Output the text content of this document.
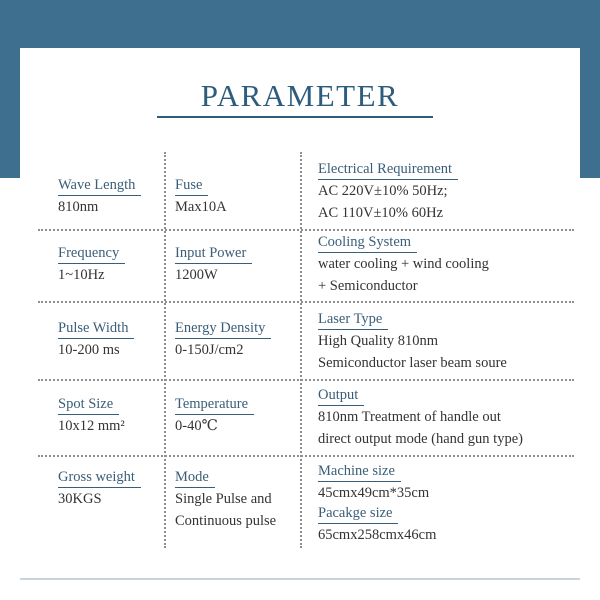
PARAMETER
Wave Length
810nm
Fuse
Max10A
Electrical Requirement
AC 220V±10% 50Hz;
AC 110V±10% 60Hz
Frequency
1~10Hz
Input Power
1200W
Cooling System
water cooling + wind cooling
+ Semiconductor
Pulse Width
10-200 ms
Energy Density
0-150J/cm2
Laser Type
High Quality 810nm
Semiconductor laser beam soure
Spot Size
10x12 mm²
Temperature
0-40℃
Output
810nm Treatment of handle out
direct output mode (hand gun type)
Gross weight
30KGS
Mode
Single Pulse and
Continuous pulse
Machine size
45cmx49cm*35cm
Pacakge size
65cmx258cmx46cm
